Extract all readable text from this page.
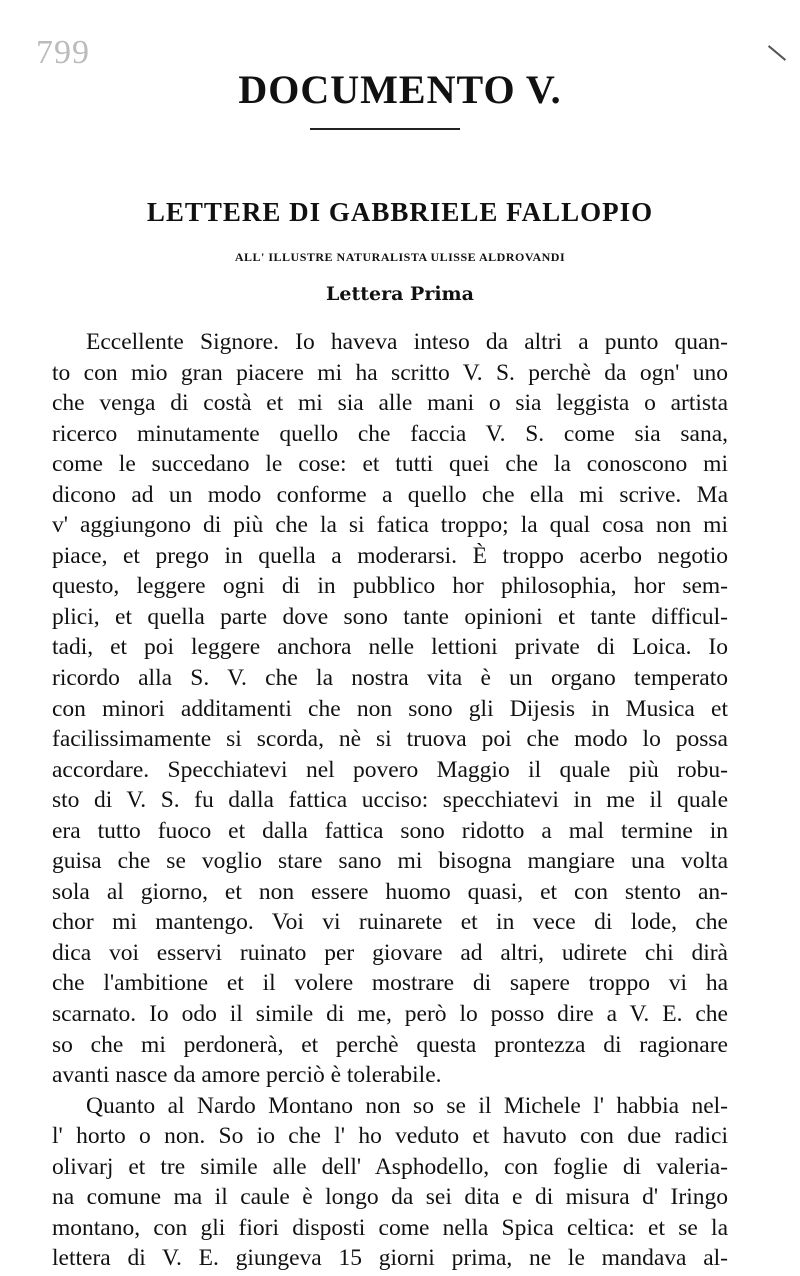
799
DOCUMENTO V.
LETTERE DI GABBRIELE FALLOPIO
ALL' ILLUSTRE NATURALISTA ULISSE ALDROVANDI
Lettera Prima
Eccellente Signore. Io haveva inteso da altri a punto quan-
to con mio gran piacere mi ha scritto V. S. perchè da ogn' uno
che venga di costà et mi sia alle mani o sia leggista o artista
ricerco minutamente quello che faccia V. S. come sia sana,
come le succedano le cose: et tutti quei che la conoscono mi
dicono ad un modo conforme a quello che ella mi scrive. Ma
v' aggiungono di più che la si fatica troppo; la qual cosa non mi
piace, et prego in quella a moderarsi. È troppo acerbo negotio
questo, leggere ogni di in pubblico hor philosophia, hor sem-
plici, et quella parte dove sono tante opinioni et tante difficul-
tadi, et poi leggere anchora nelle lettioni private di Loica. Io
ricordo alla S. V. che la nostra vita è un organo temperato
con minori additamenti che non sono gli Dijesis in Musica et
facilissimamente si scorda, nè si truova poi che modo lo possa
accordare. Specchiatevi nel povero Maggio il quale più robu-
sto di V. S. fu dalla fattica ucciso: specchiatevi in me il quale
era tutto fuoco et dalla fattica sono ridotto a mal termine in
guisa che se voglio stare sano mi bisogna mangiare una volta
sola al giorno, et non essere huomo quasi, et con stento an-
chor mi mantengo. Voi vi ruinarete et in vece di lode, che
dica voi esservi ruinato per giovare ad altri, udirete chi dirà
che l'ambitione et il volere mostrare di sapere troppo vi ha
scarnato. Io odo il simile di me, però lo posso dire a V. E. che
so che mi perdonerà, et perchè questa prontezza di ragionare
avanti nasce da amore perciò è tolerabile.
Quanto al Nardo Montano non so se il Michele l' habbia nel-
l' horto o non. So io che l' ho veduto et havuto con due radici
olivarj et tre simile alle dell' Asphodello, con foglie di valeria-
na comune ma il caule è longo da sei dita e di misura d' Iringo
montano, con gli fiori disposti come nella Spica celtica: et se la
lettera di V. E. giungeva 15 giorni prima, ne le mandava al-
